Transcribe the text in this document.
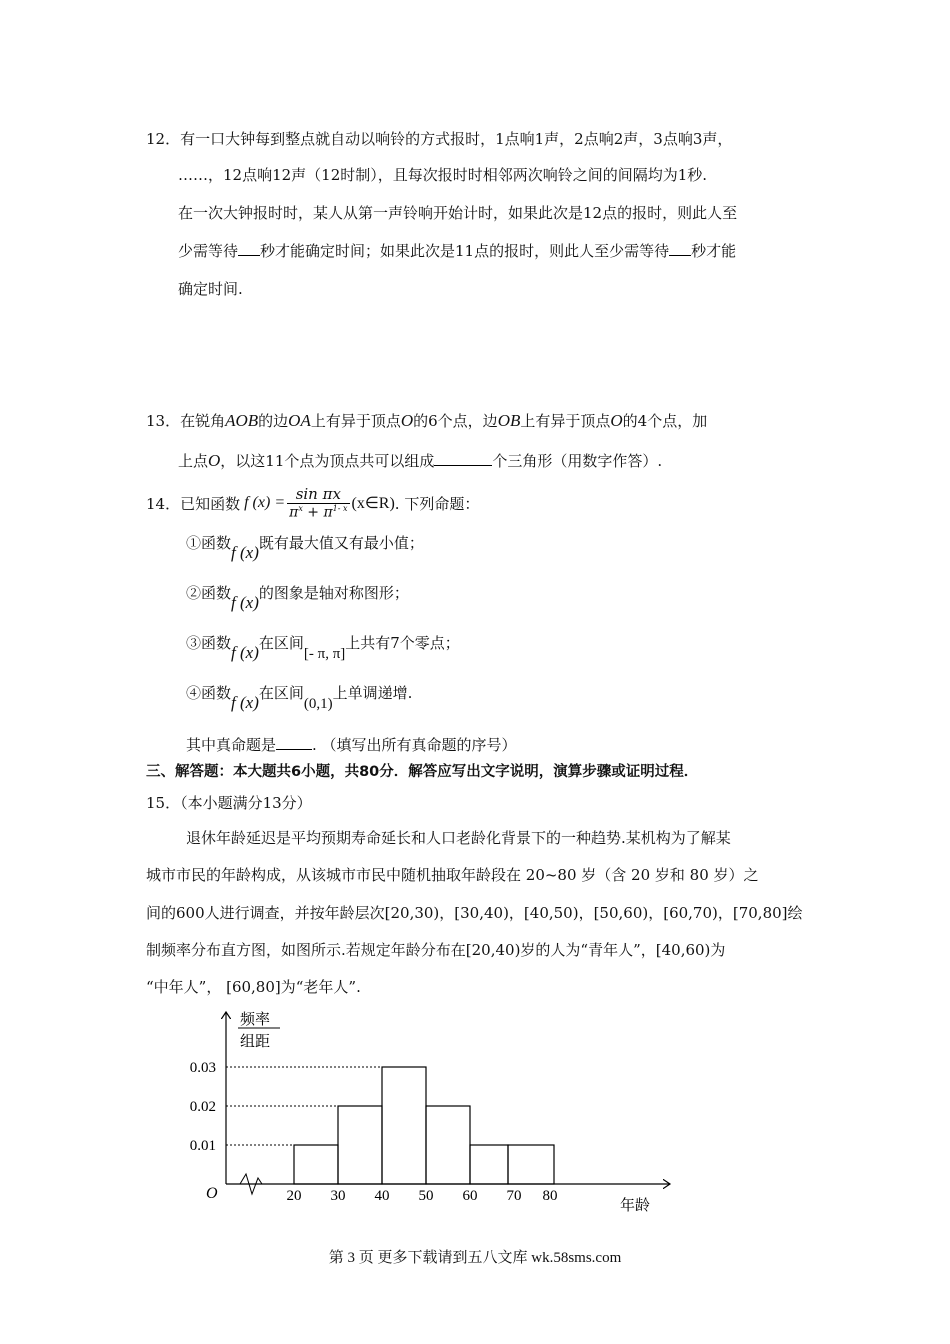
12．有一口大钟每到整点就自动以响铃的方式报时，1点响1声，2点响2声，3点响3声，
……，12点响12声（12时制），且每次报时时相邻两次响铃之间的间隔均为1秒.
在一次大钟报时时，某人从第一声铃响开始计时，如果此次是12点的报时，则此人至
少需等待 秒才能确定时间；如果此次是11点的报时，则此人至少需等待 秒才能
确定时间.
13．在锐角AOB的边OA上有异于顶点O的6个点，边OB上有异于顶点O的4个点，加
上点O，以这11个点为顶点共可以组成	个三角形（用数字作答）.
14． 已知函数 f $(x) = \frac{\text{sin πx}}{\pi^x + \pi^{1- x}}$ (x∈R) . 下列命题：
①函数f (x)既有最大值又有最小值；
②函数f (x)的图象是轴对称图形；
③函数f (x)在区间[- π, π]上共有7个零点；
④函数f (x)在区间(0,1)上单调递增.
其中真命题是 . （填写出所有真命题的序号）
三、解答题：本大题共6小题，共80分．解答应写出文字说明，演算步骤或证明过程．
15．（本小题满分13分）
退休年龄延迟是平均预期寿命延长和人口老龄化背景下的一种趋势.某机构为了解某
城市市民的年龄构成，从该城市市民中随机抽取年龄段在 20~80 岁（含 20 岁和 80 岁）之
间的600人进行调查，并按年龄层次[20,30)，[30,40)，[40,50)，[50,60)，[60,70)，[70,80]绘
制频率分布直方图，如图所示.若规定年龄分布在[20,40)岁的人为“青年人”，[40,60)为
“中年人”， [60,80]为“老年人”.
频率
组距
O
年龄
0.01
0.02
0.03
20 30 40 50 60 70 80
第 3 页 更多下载请到五八文库 wk.58sms.com
